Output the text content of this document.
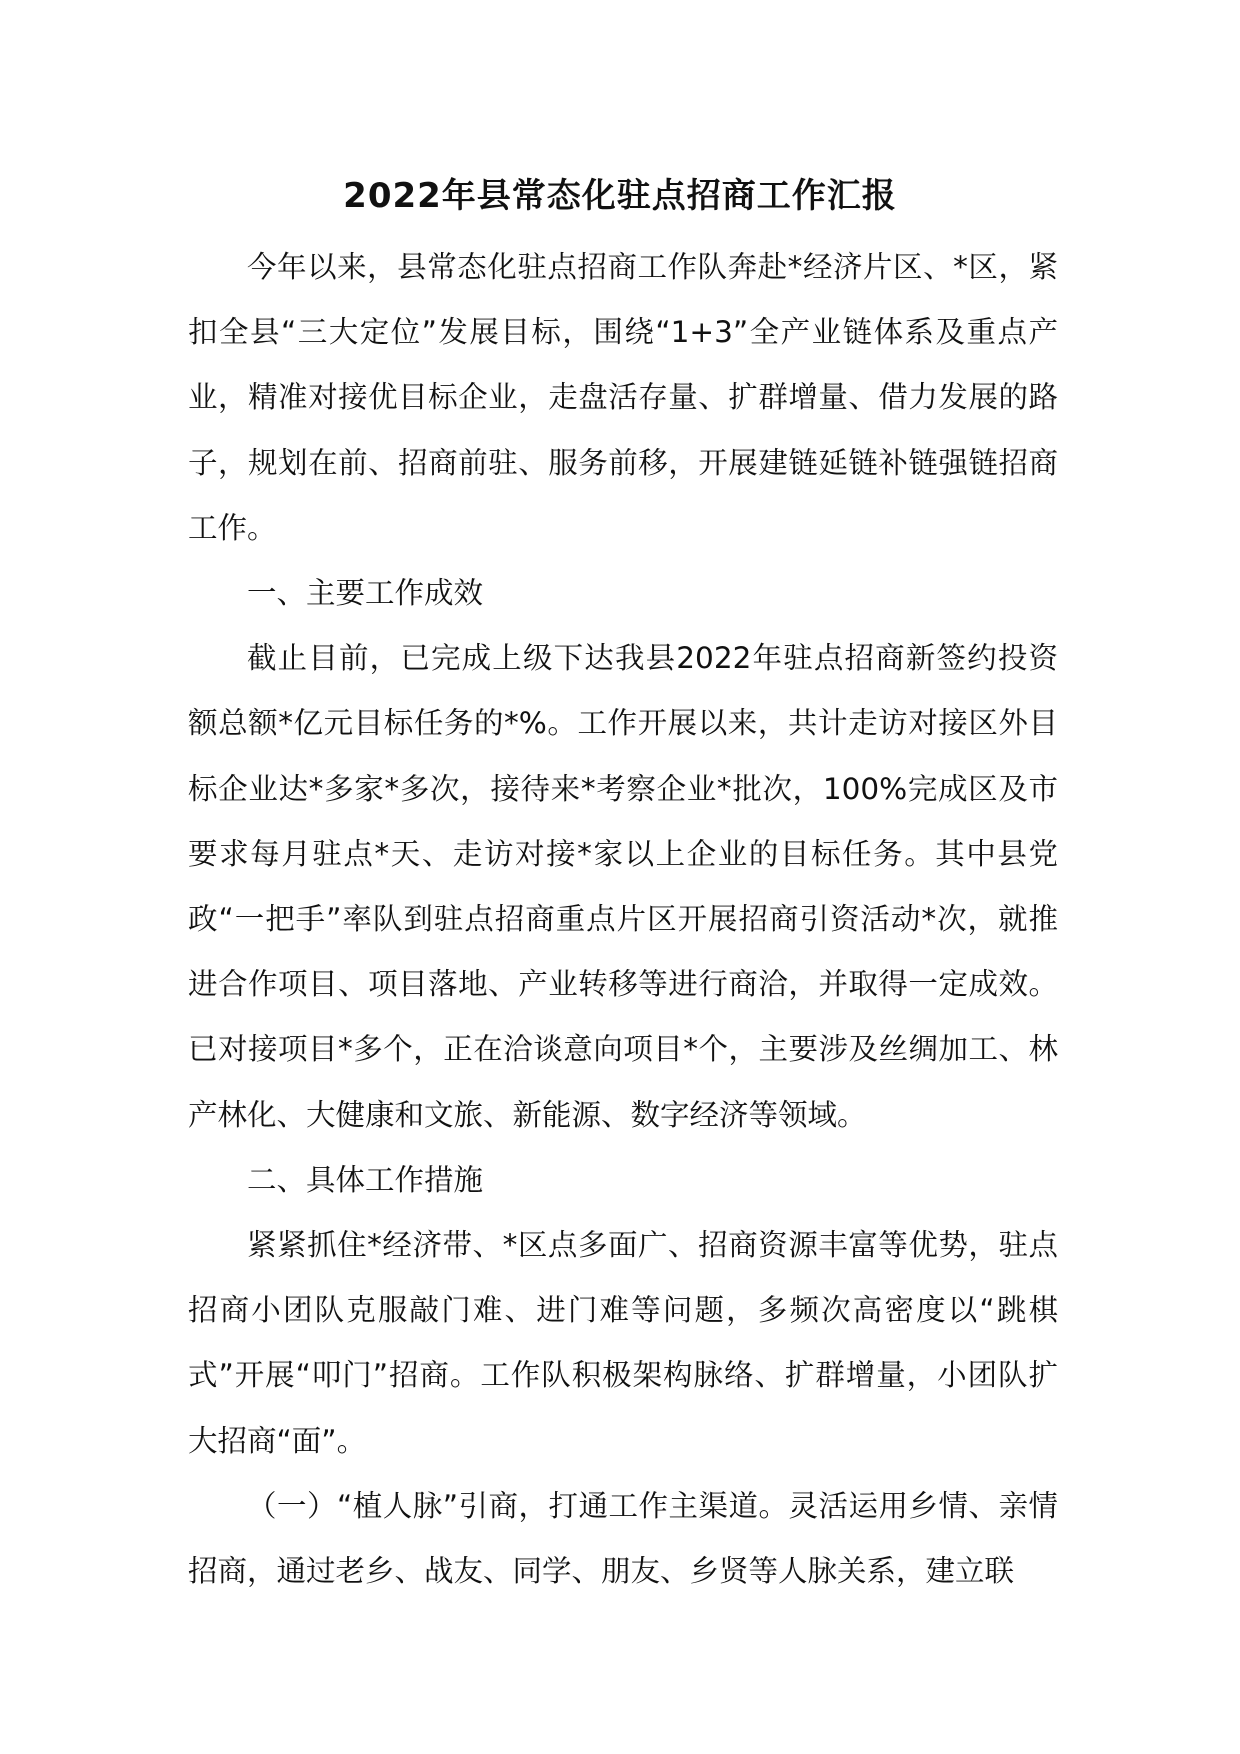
2022年县常态化驻点招商工作汇报

今年以来，县常态化驻点招商工作队奔赴*经济片区、*区，紧扣全县“三大定位”发展目标，围绕“1+3”全产业链体系及重点产业，精准对接优目标企业，走盘活存量、扩群增量、借力发展的路子，规划在前、招商前驻、服务前移，开展建链延链补链强链招商工作。

一、主要工作成效

截止目前，已完成上级下达我县2022年驻点招商新签约投资额总额*亿元目标任务的*%。工作开展以来，共计走访对接区外目标企业达*多家*多次，接待来*考察企业*批次，100%完成区及市要求每月驻点*天、走访对接*家以上企业的目标任务。其中县党政“一把手”率队到驻点招商重点片区开展招商引资活动*次，就推进合作项目、项目落地、产业转移等进行商洽，并取得一定成效。已对接项目*多个，正在洽谈意向项目*个，主要涉及丝绸加工、林产林化、大健康和文旅、新能源、数字经济等领域。

二、具体工作措施

紧紧抓住*经济带、*区点多面广、招商资源丰富等优势，驻点招商小团队克服敲门难、进门难等问题，多频次高密度以“跳棋式”开展“叩门”招商。工作队积极架构脉络、扩群增量，小团队扩大招商“面”。

（一）“植人脉”引商，打通工作主渠道。灵活运用乡情、亲情招商，通过老乡、战友、同学、朋友、乡贤等人脉关系，建立联
